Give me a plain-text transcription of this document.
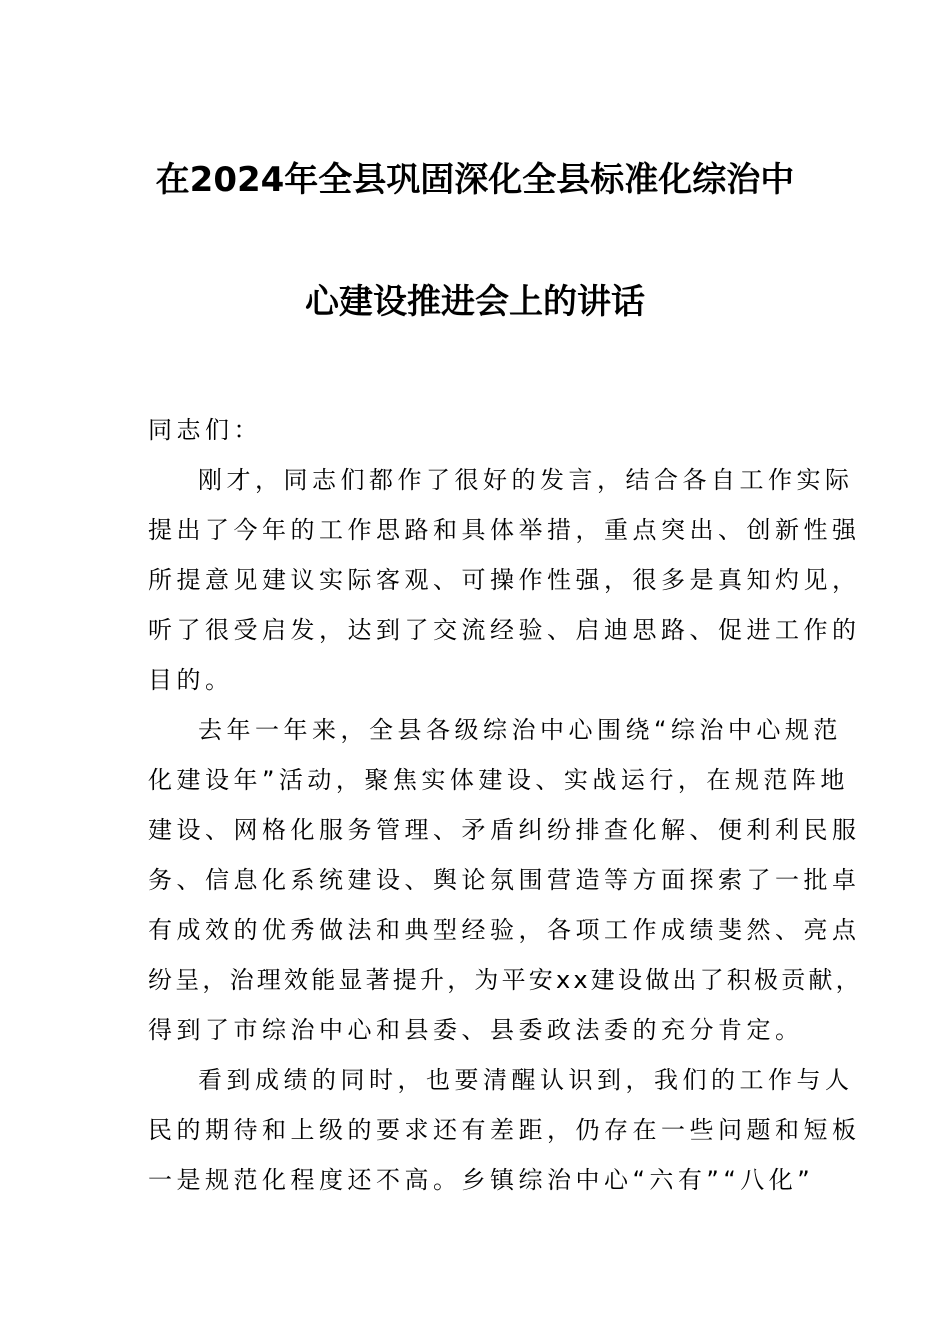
在2024年全县巩固深化全县标准化综治中
心建设推进会上的讲话
同志们：
刚才，同志们都作了很好的发言，结合各自工作实际
提出了今年的工作思路和具体举措，重点突出、创新性强
所提意见建议实际客观、可操作性强，很多是真知灼见，
听了很受启发，达到了交流经验、启迪思路、促进工作的
目的。
去年一年来，全县各级综治中心围绕“综治中心规范
化建设年”活动，聚焦实体建设、实战运行，在规范阵地
建设、网格化服务管理、矛盾纠纷排查化解、便利利民服
务、信息化系统建设、舆论氛围营造等方面探索了一批卓
有成效的优秀做法和典型经验，各项工作成绩斐然、亮点
纷呈，治理效能显著提升，为平安xx建设做出了积极贡献，
得到了市综治中心和县委、县委政法委的充分肯定。
看到成绩的同时，也要清醒认识到，我们的工作与人
民的期待和上级的要求还有差距，仍存在一些问题和短板
一是规范化程度还不高。乡镇综治中心“六有”“八化”
